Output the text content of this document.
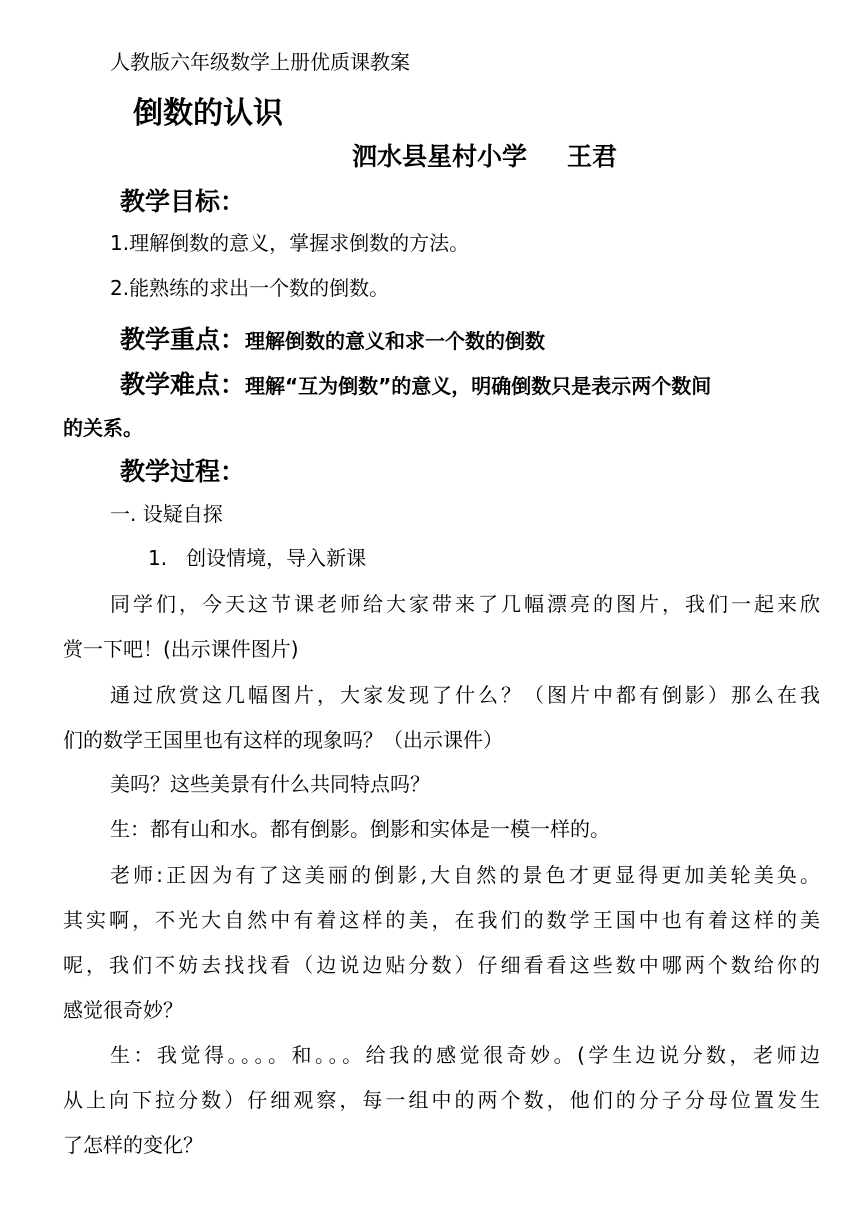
人教版六年级数学上册优质课教案
倒数的认识
泗水县星村小学 王君
教学目标：
1.理解倒数的意义，掌握求倒数的方法。
2.能熟练的求出一个数的倒数。
教学重点：理解倒数的意义和求一个数的倒数
教学难点：理解“互为倒数”的意义，明确倒数只是表示两个数间
的关系。
教学过程：
一. 设疑自探
1.   创设情境，导入新课
同学们，今天这节课老师给大家带来了几幅漂亮的图片，我们一起来欣
赏一下吧！(出示课件图片)
通过欣赏这几幅图片，大家发现了什么？（图片中都有倒影）那么在我
们的数学王国里也有这样的现象吗？（出示课件）
美吗？这些美景有什么共同特点吗？
生：都有山和水。都有倒影。倒影和实体是一模一样的。
老师:正因为有了这美丽的倒影,大自然的景色才更显得更加美轮美奂。
其实啊，不光大自然中有着这样的美，在我们的数学王国中也有着这样的美
呢，我们不妨去找找看（边说边贴分数）仔细看看这些数中哪两个数给你的
感觉很奇妙？
生：我觉得。。。。和。。。给我的感觉很奇妙。(学生边说分数，老师边
从上向下拉分数）仔细观察，每一组中的两个数，他们的分子分母位置发生
了怎样的变化？
